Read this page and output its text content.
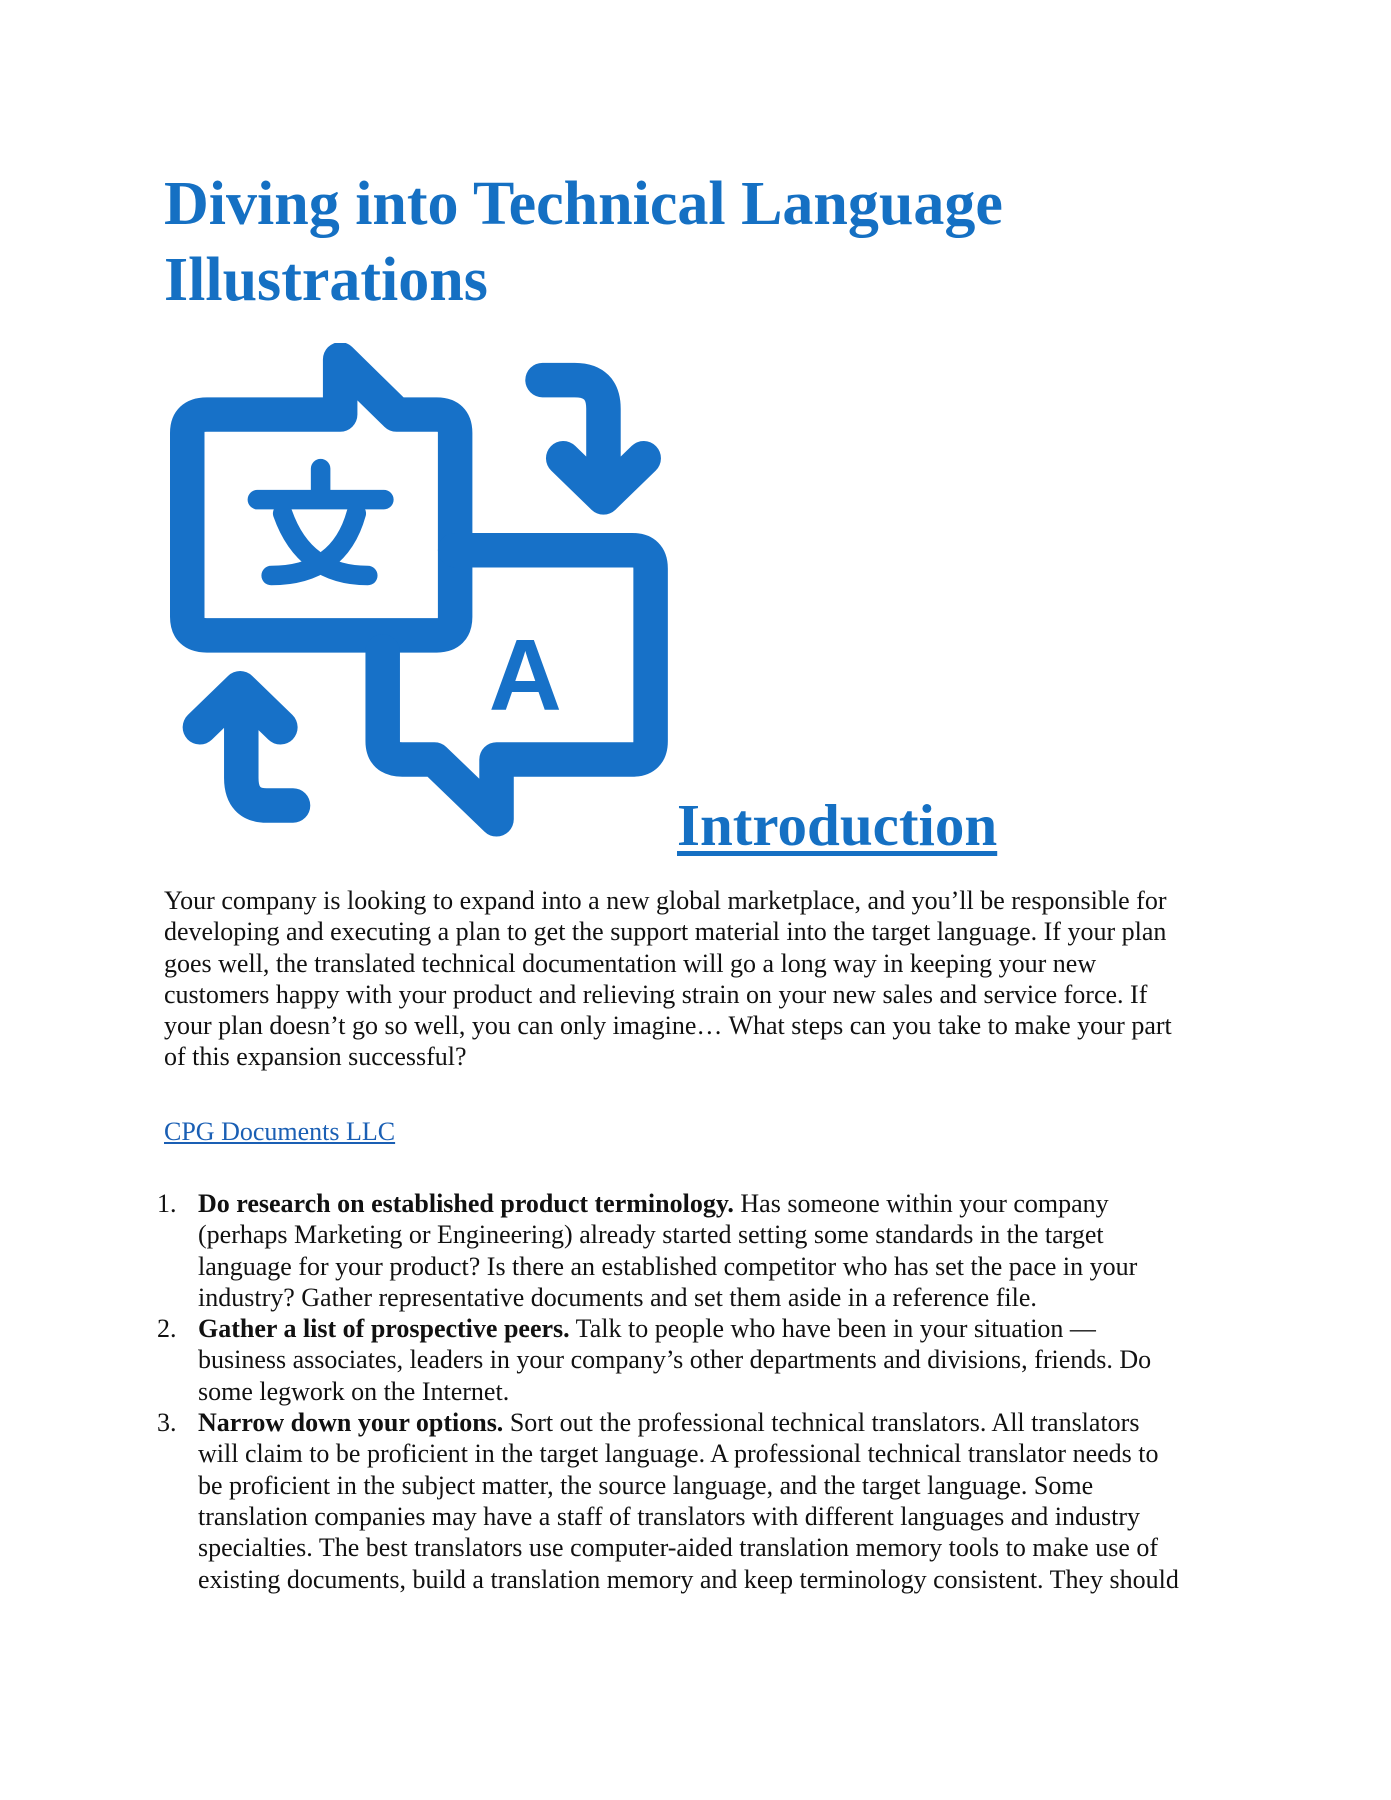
Diving into Technical Language
Illustrations
A
Introduction
Your company is looking to expand into a new global marketplace, and you’ll be responsible for
developing and executing a plan to get the support material into the target language. If your plan
goes well, the translated technical documentation will go a long way in keeping your new
customers happy with your product and relieving strain on your new sales and service force. If
your plan doesn’t go so well, you can only imagine… What steps can you take to make your part
of this expansion successful?
CPG Documents LLC
1. Do research on established product terminology. Has someone within your company
(perhaps Marketing or Engineering) already started setting some standards in the target
language for your product? Is there an established competitor who has set the pace in your
industry? Gather representative documents and set them aside in a reference file.
2. Gather a list of prospective peers. Talk to people who have been in your situation —
business associates, leaders in your company’s other departments and divisions, friends. Do
some legwork on the Internet.
3. Narrow down your options. Sort out the professional technical translators. All translators
will claim to be proficient in the target language. A professional technical translator needs to
be proficient in the subject matter, the source language, and the target language. Some
translation companies may have a staff of translators with different languages and industry
specialties. The best translators use computer-aided translation memory tools to make use of
existing documents, build a translation memory and keep terminology consistent. They should
